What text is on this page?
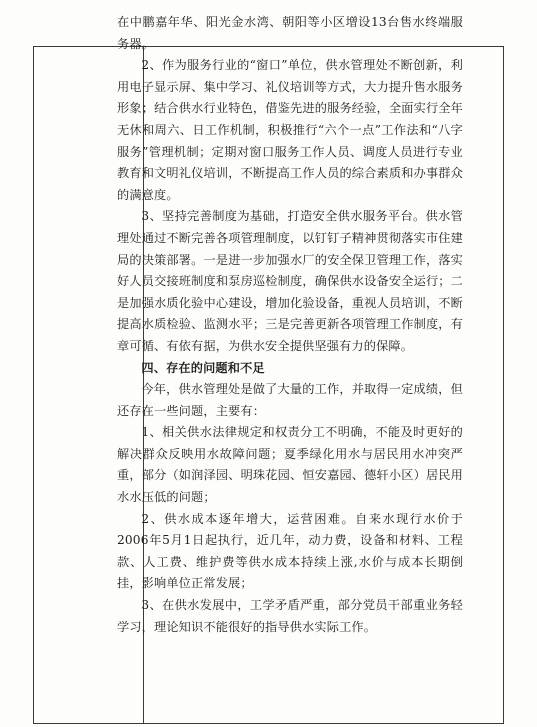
在中鹏嘉年华、阳光金水湾、朝阳等小区增设13台售水终端服务器。

2、作为服务行业的“窗口”单位，供水管理处不断创新，利用电子显示屏、集中学习、礼仪培训等方式，大力提升售水服务形象；结合供水行业特色，借鉴先进的服务经验，全面实行全年无休和周六、日工作机制，积极推行“六个一点”工作法和“八字服务”管理机制；定期对窗口服务工作人员、调度人员进行专业教育和文明礼仪培训，不断提高工作人员的综合素质和办事群众的满意度。

3、坚持完善制度为基础，打造安全供水服务平台。供水管理处通过不断完善各项管理制度，以钉钉子精神贯彻落实市住建局的决策部署。一是进一步加强水厂的安全保卫管理工作，落实好人员交接班制度和泵房巡检制度，确保供水设备安全运行；二是加强水质化验中心建设，增加化验设备，重视人员培训，不断提高水质检验、监测水平；三是完善更新各项管理工作制度，有章可循、有依有据，为供水安全提供坚强有力的保障。

四、存在的问题和不足

今年，供水管理处是做了大量的工作，并取得一定成绩，但还存在一些问题，主要有：

1、相关供水法律规定和权责分工不明确，不能及时更好的解决群众反映用水故障问题；夏季绿化用水与居民用水冲突严重，部分（如润泽园、明珠花园、恒安嘉园、德轩小区）居民用水水压低的问题；

2、供水成本逐年增大，运营困难。自来水现行水价于2006年5月1日起执行，近几年，动力费，设备和材料、工程款、人工费、维护费等供水成本持续上涨,水价与成本长期倒挂，影响单位正常发展；

3、在供水发展中，工学矛盾严重，部分党员干部重业务轻学习，理论知识不能很好的指导供水实际工作。
